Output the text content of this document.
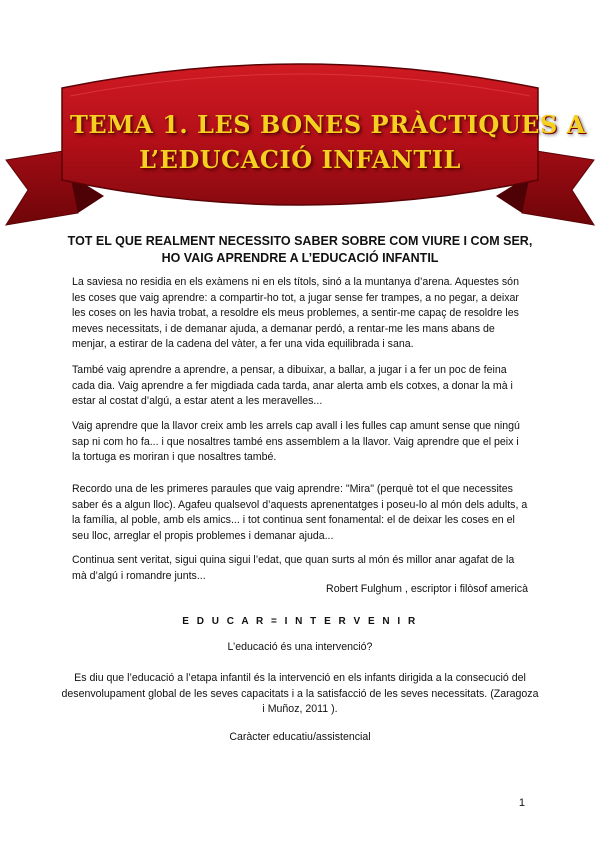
TEMA 1. LES BONES PRÀCTIQUES A
L’EDUCACIÓ INFANTIL
TOT EL QUE REALMENT NECESSITO SABER SOBRE COM VIURE I COM SER,
HO VAIG APRENDRE A L’EDUCACIÓ INFANTIL

La saviesa no residia en els exàmens ni en els títols, sinó a la muntanya d’arena. Aquestes són les coses que vaig aprendre: a compartir-ho tot, a jugar sense fer trampes, a no pegar, a deixar les coses on les havia trobat, a resoldre els meus problemes, a sentir-me capaç de resoldre les meves necessitats, i de demanar ajuda, a demanar perdó, a rentar-me les mans abans de menjar, a estirar de la cadena del vàter, a fer una vida equilibrada i sana.

També vaig aprendre a aprendre, a pensar, a dibuixar, a ballar, a jugar i a fer un poc de feina cada dia. Vaig aprendre a fer migdiada cada tarda, anar alerta amb els cotxes, a donar la mà i estar al costat d’algú, a estar atent a les meravelles...

Vaig aprendre que la llavor creix amb les arrels cap avall i les fulles cap amunt sense que ningú sap ni com ho fa... i que nosaltres també ens assemblem a la llavor. Vaig aprendre que el peix i la tortuga es moriran i que nosaltres també.

Recordo una de les primeres paraules que vaig aprendre: "Mira" (perquè tot el que necessites saber és a algun lloc). Agafeu qualsevol d’aquests aprenentatges i poseu-lo al món dels adults, a la família, al poble, amb els amics... i tot continua sent fonamental: el de deixar les coses en el seu lloc, arreglar el propis problemes i demanar ajuda...

Continua sent veritat, sigui quina sigui l’edat, que quan surts al món és millor anar agafat de la mà d’algú i romandre junts...

Robert Fulghum , escriptor i filòsof americà
E D U C A R = I N T E R V E N I R
L’educació és una intervenció?
Es diu que l’educació a l’etapa infantil és la intervenció en els infants dirigida a la consecució del desenvolupament global de les seves capacitats i a la satisfacció de les seves necessitats. (Zaragoza i Muñoz, 2011 ).
Caràcter educatiu/assistencial
1
